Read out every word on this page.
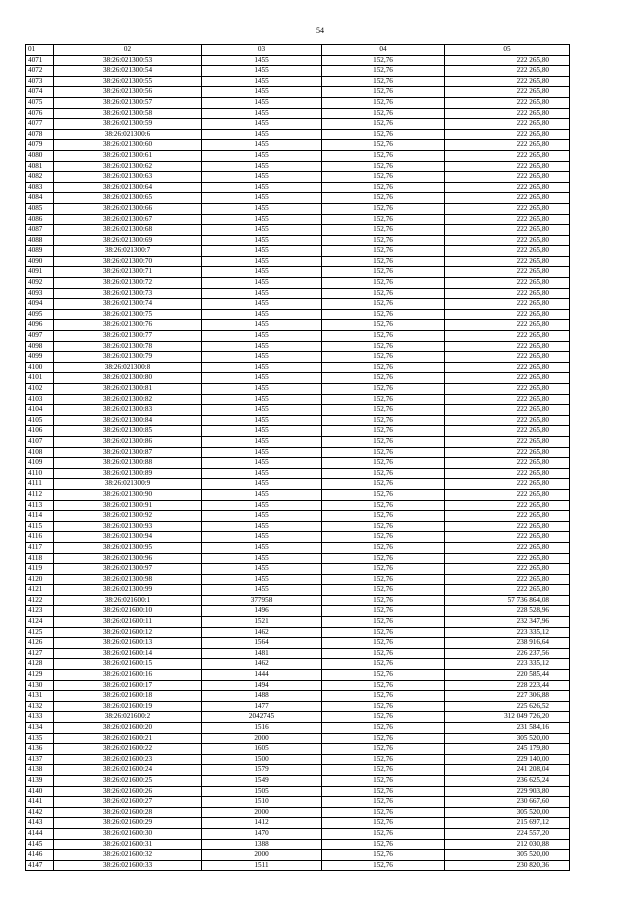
54
01	02	03	04	05
4071	38:26:021300:53	1455	152,76	222 265,80
4072	38:26:021300:54	1455	152,76	222 265,80
4073	38:26:021300:55	1455	152,76	222 265,80
4074	38:26:021300:56	1455	152,76	222 265,80
4075	38:26:021300:57	1455	152,76	222 265,80
4076	38:26:021300:58	1455	152,76	222 265,80
4077	38:26:021300:59	1455	152,76	222 265,80
4078	38:26:021300:6	1455	152,76	222 265,80
4079	38:26:021300:60	1455	152,76	222 265,80
4080	38:26:021300:61	1455	152,76	222 265,80
4081	38:26:021300:62	1455	152,76	222 265,80
4082	38:26:021300:63	1455	152,76	222 265,80
4083	38:26:021300:64	1455	152,76	222 265,80
4084	38:26:021300:65	1455	152,76	222 265,80
4085	38:26:021300:66	1455	152,76	222 265,80
4086	38:26:021300:67	1455	152,76	222 265,80
4087	38:26:021300:68	1455	152,76	222 265,80
4088	38:26:021300:69	1455	152,76	222 265,80
4089	38:26:021300:7	1455	152,76	222 265,80
4090	38:26:021300:70	1455	152,76	222 265,80
4091	38:26:021300:71	1455	152,76	222 265,80
4092	38:26:021300:72	1455	152,76	222 265,80
4093	38:26:021300:73	1455	152,76	222 265,80
4094	38:26:021300:74	1455	152,76	222 265,80
4095	38:26:021300:75	1455	152,76	222 265,80
4096	38:26:021300:76	1455	152,76	222 265,80
4097	38:26:021300:77	1455	152,76	222 265,80
4098	38:26:021300:78	1455	152,76	222 265,80
4099	38:26:021300:79	1455	152,76	222 265,80
4100	38:26:021300:8	1455	152,76	222 265,80
4101	38:26:021300:80	1455	152,76	222 265,80
4102	38:26:021300:81	1455	152,76	222 265,80
4103	38:26:021300:82	1455	152,76	222 265,80
4104	38:26:021300:83	1455	152,76	222 265,80
4105	38:26:021300:84	1455	152,76	222 265,80
4106	38:26:021300:85	1455	152,76	222 265,80
4107	38:26:021300:86	1455	152,76	222 265,80
4108	38:26:021300:87	1455	152,76	222 265,80
4109	38:26:021300:88	1455	152,76	222 265,80
4110	38:26:021300:89	1455	152,76	222 265,80
4111	38:26:021300:9	1455	152,76	222 265,80
4112	38:26:021300:90	1455	152,76	222 265,80
4113	38:26:021300:91	1455	152,76	222 265,80
4114	38:26:021300:92	1455	152,76	222 265,80
4115	38:26:021300:93	1455	152,76	222 265,80
4116	38:26:021300:94	1455	152,76	222 265,80
4117	38:26:021300:95	1455	152,76	222 265,80
4118	38:26:021300:96	1455	152,76	222 265,80
4119	38:26:021300:97	1455	152,76	222 265,80
4120	38:26:021300:98	1455	152,76	222 265,80
4121	38:26:021300:99	1455	152,76	222 265,80
4122	38:26:021600:1	377958	152,76	57 736 864,08
4123	38:26:021600:10	1496	152,76	228 528,96
4124	38:26:021600:11	1521	152,76	232 347,96
4125	38:26:021600:12	1462	152,76	223 335,12
4126	38:26:021600:13	1564	152,76	238 916,64
4127	38:26:021600:14	1481	152,76	226 237,56
4128	38:26:021600:15	1462	152,76	223 335,12
4129	38:26:021600:16	1444	152,76	220 585,44
4130	38:26:021600:17	1494	152,76	228 223,44
4131	38:26:021600:18	1488	152,76	227 306,88
4132	38:26:021600:19	1477	152,76	225 626,52
4133	38:26:021600:2	2042745	152,76	312 049 726,20
4134	38:26:021600:20	1516	152,76	231 584,16
4135	38:26:021600:21	2000	152,76	305 520,00
4136	38:26:021600:22	1605	152,76	245 179,80
4137	38:26:021600:23	1500	152,76	229 140,00
4138	38:26:021600:24	1579	152,76	241 208,04
4139	38:26:021600:25	1549	152,76	236 625,24
4140	38:26:021600:26	1505	152,76	229 903,80
4141	38:26:021600:27	1510	152,76	230 667,60
4142	38:26:021600:28	2000	152,76	305 520,00
4143	38:26:021600:29	1412	152,76	215 697,12
4144	38:26:021600:30	1470	152,76	224 557,20
4145	38:26:021600:31	1388	152,76	212 030,88
4146	38:26:021600:32	2000	152,76	305 520,00
4147	38:26:021600:33	1511	152,76	230 820,36
